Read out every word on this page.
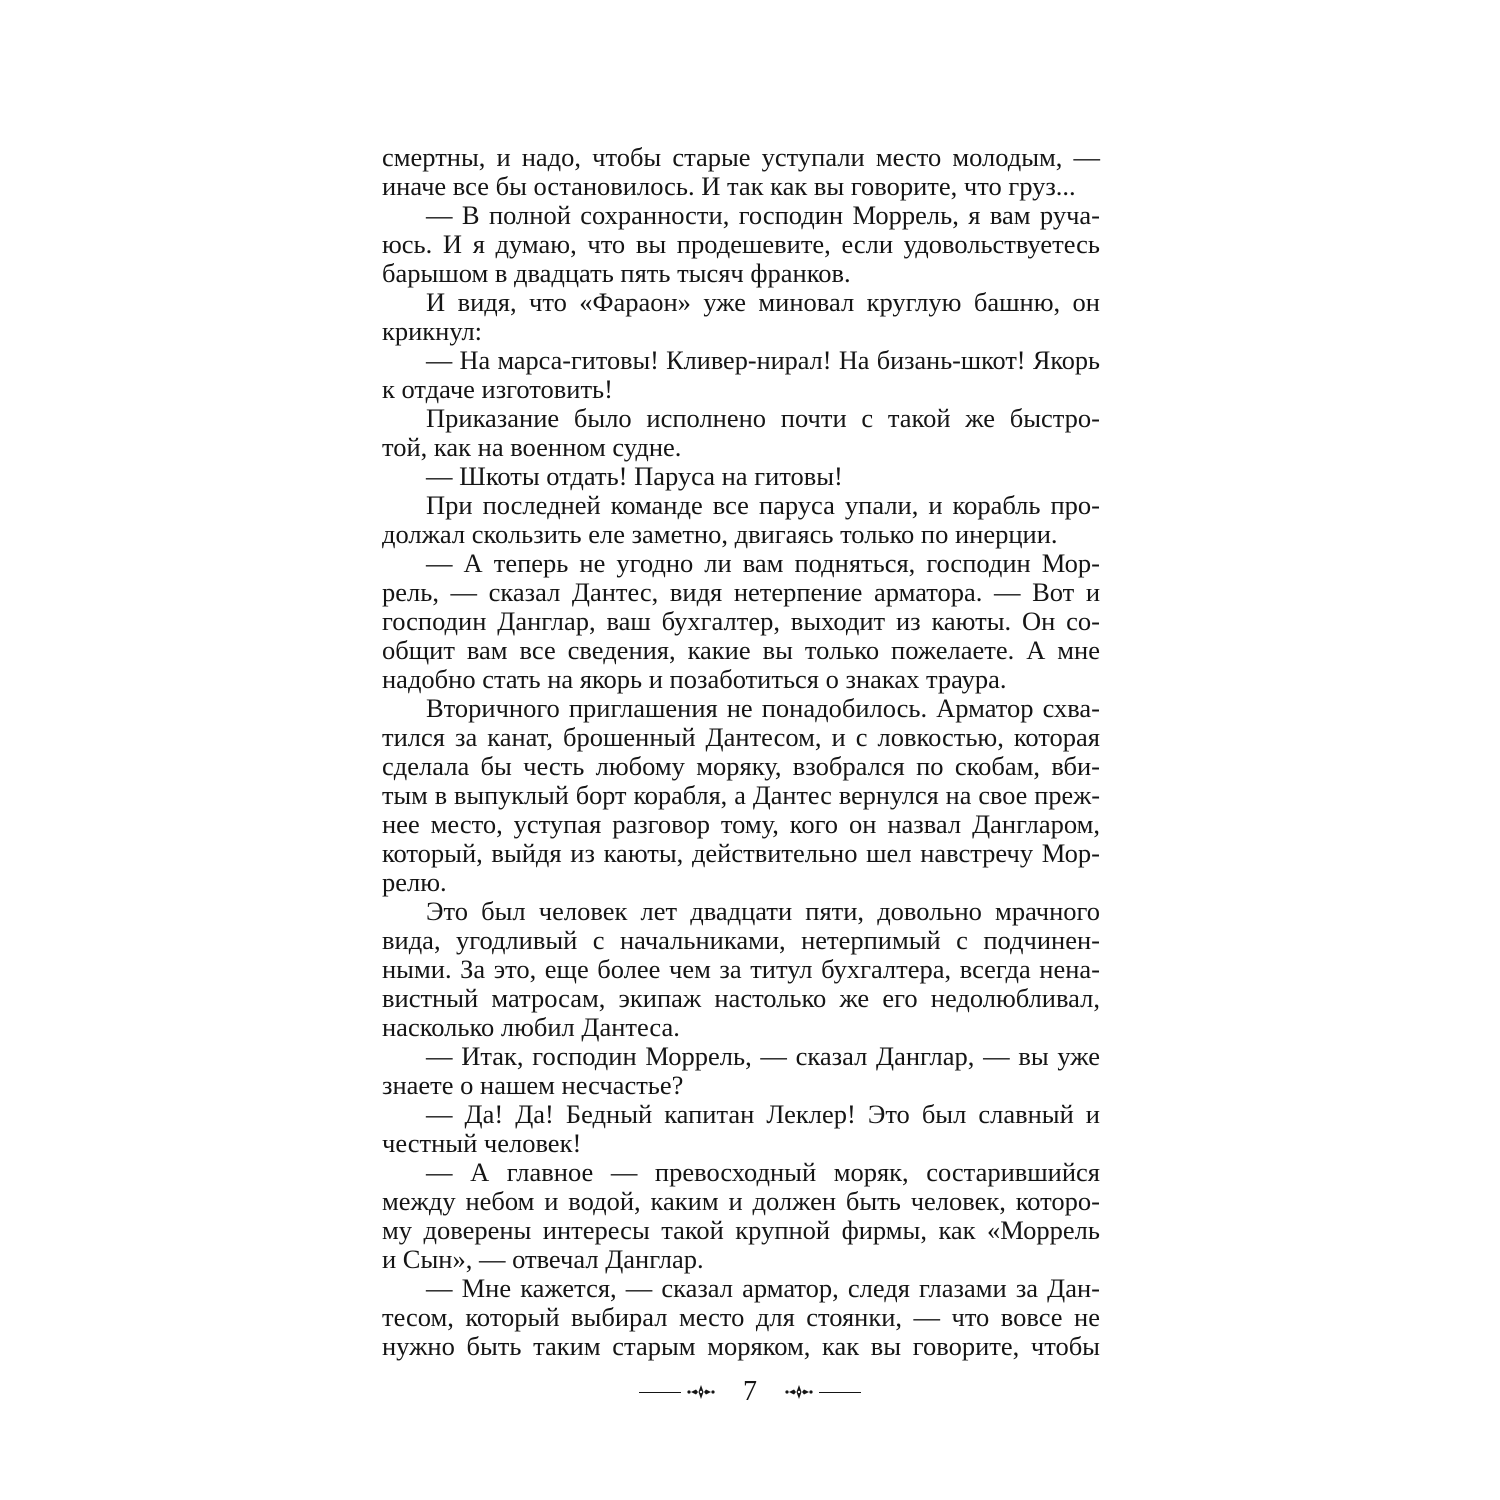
смертны, и надо, чтобы старые уступали место молодым, —
иначе все бы остановилось. И так как вы говорите, что груз...
— В полной сохранности, господин Моррель, я вам руча-
юсь. И я думаю, что вы продешевите, если удовольствуетесь
барышом в двадцать пять тысяч франков.
И видя, что «Фараон» уже миновал круглую башню, он
крикнул:
— На марса-гитовы! Кливер-нирал! На бизань-шкот! Якорь
к отдаче изготовить!
Приказание было исполнено почти с такой же быстро-
той, как на военном судне.
— Шкоты отдать! Паруса на гитовы!
При последней команде все паруса упали, и корабль про-
должал скользить еле заметно, двигаясь только по инерции.
— А теперь не угодно ли вам подняться, господин Мор-
рель, — сказал Дантес, видя нетерпение арматора. — Вот и
господин Данглар, ваш бухгалтер, выходит из каюты. Он со-
общит вам все сведения, какие вы только пожелаете. А мне
надобно стать на якорь и позаботиться о знаках траура.
Вторичного приглашения не понадобилось. Арматор схва-
тился за канат, брошенный Дантесом, и с ловкостью, которая
сделала бы честь любому моряку, взобрался по скобам, вби-
тым в выпуклый борт корабля, а Дантес вернулся на свое преж-
нее место, уступая разговор тому, кого он назвал Дангларом,
который, выйдя из каюты, действительно шел навстречу Мор-
релю.
Это был человек лет двадцати пяти, довольно мрачного
вида, угодливый с начальниками, нетерпимый с подчинен-
ными. За это, еще более чем за титул бухгалтера, всегда нена-
вистный матросам, экипаж настолько же его недолюбливал,
насколько любил Дантеса.
— Итак, господин Моррель, — сказал Данглар, — вы уже
знаете о нашем несчастье?
— Да! Да! Бедный капитан Леклер! Это был славный и
честный человек!
— А главное — превосходный моряк, состарившийся
между небом и водой, каким и должен быть человек, которо-
му доверены интересы такой крупной фирмы, как «Моррель
и Сын», — отвечал Данглар.
— Мне кажется, — сказал арматор, следя глазами за Дан-
тесом, который выбирал место для стоянки, — что вовсе не
нужно быть таким старым моряком, как вы говорите, чтобы
7
